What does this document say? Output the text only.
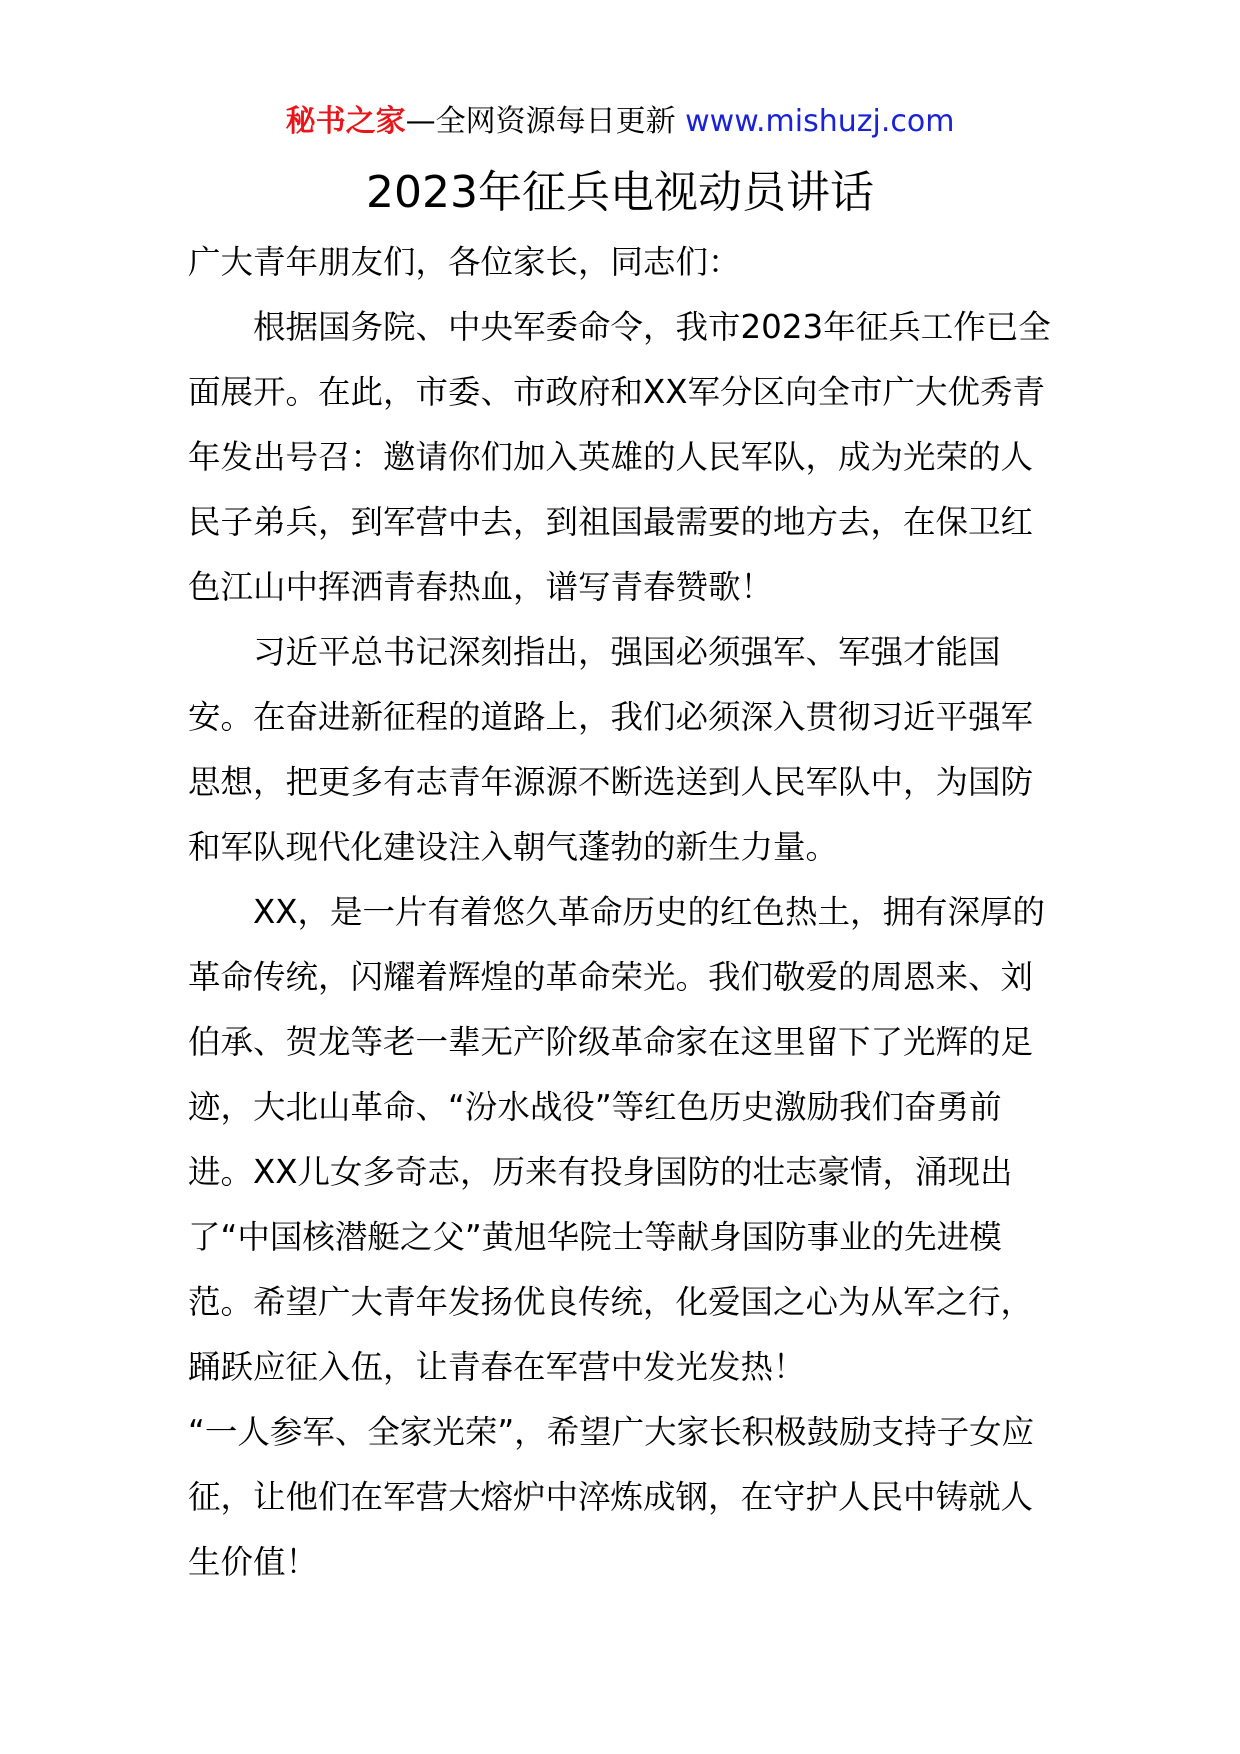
秘书之家—全网资源每日更新 www.mishuzj.com
2023年征兵电视动员讲话

广大青年朋友们，各位家长，同志们：

根据国务院、中央军委命令，我市2023年征兵工作已全面展开。在此，市委、市政府和XX军分区向全市广大优秀青年发出号召：邀请你们加入英雄的人民军队，成为光荣的人民子弟兵，到军营中去，到祖国最需要的地方去，在保卫红色江山中挥洒青春热血，谱写青春赞歌！

习近平总书记深刻指出，强国必须强军、军强才能国安。在奋进新征程的道路上，我们必须深入贯彻习近平强军思想，把更多有志青年源源不断选送到人民军队中，为国防和军队现代化建设注入朝气蓬勃的新生力量。

XX，是一片有着悠久革命历史的红色热土，拥有深厚的革命传统，闪耀着辉煌的革命荣光。我们敬爱的周恩来、刘伯承、贺龙等老一辈无产阶级革命家在这里留下了光辉的足迹，大北山革命、“汾水战役”等红色历史激励我们奋勇前进。XX儿女多奇志，历来有投身国防的壮志豪情，涌现出了“中国核潜艇之父”黄旭华院士等献身国防事业的先进模范。希望广大青年发扬优良传统，化爱国之心为从军之行，踊跃应征入伍，让青春在军营中发光发热！

“一人参军、全家光荣”，希望广大家长积极鼓励支持子女应征，让他们在军营大熔炉中淬炼成钢，在守护人民中铸就人生价值！
